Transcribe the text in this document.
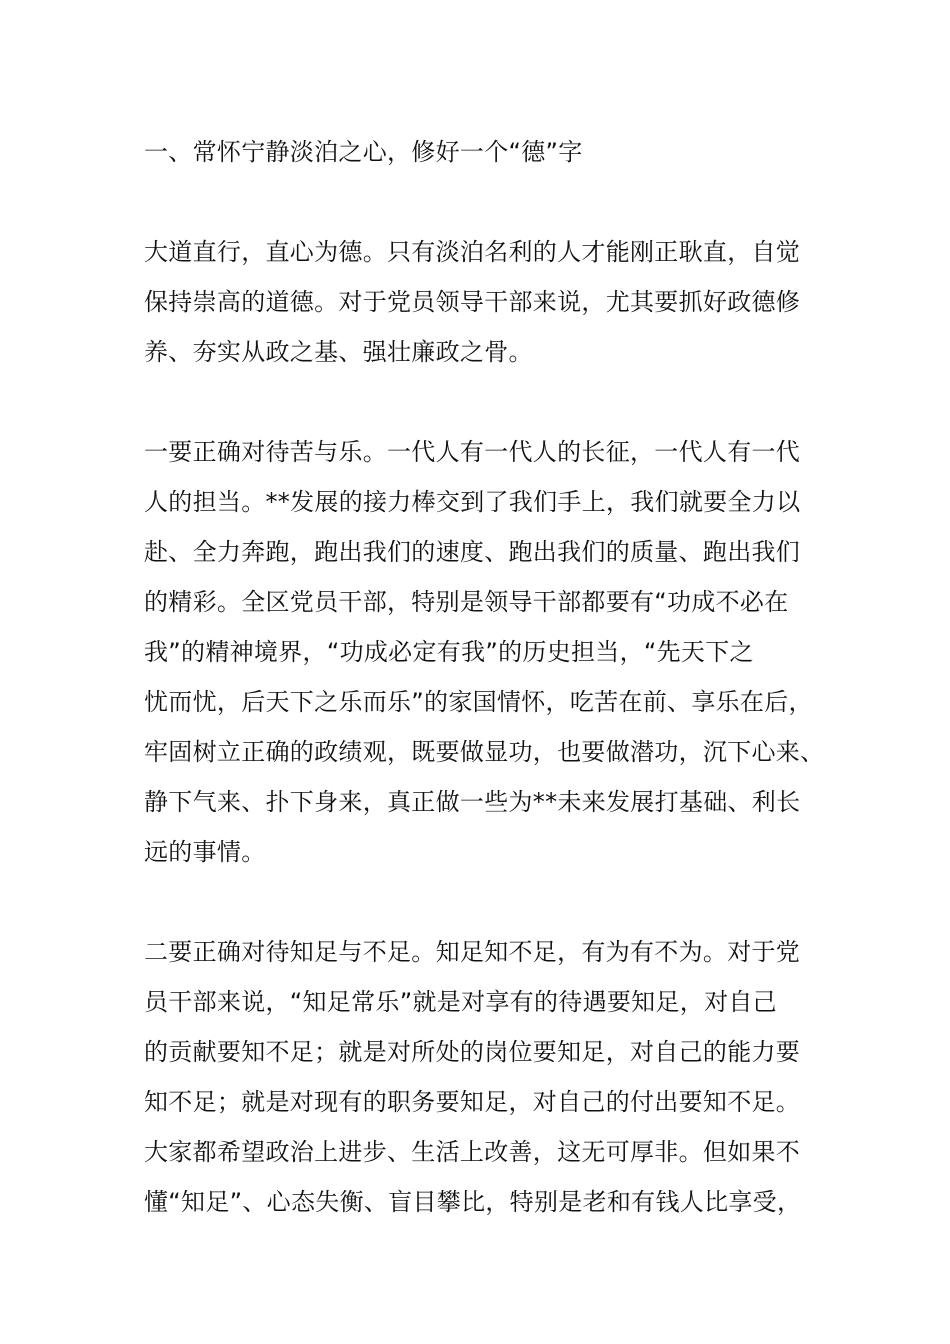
一、常怀宁静淡泊之心，修好一个“德”字
大道直行，直心为德。只有淡泊名利的人才能刚正耿直，自觉
保持崇高的道德。对于党员领导干部来说，尤其要抓好政德修
养、夯实从政之基、强壮廉政之骨。
一要正确对待苦与乐。一代人有一代人的长征，一代人有一代
人的担当。**发展的接力棒交到了我们手上，我们就要全力以
赴、全力奔跑，跑出我们的速度、跑出我们的质量、跑出我们
的精彩。全区党员干部，特别是领导干部都要有“功成不必在
我”的精神境界，“功成必定有我”的历史担当，“先天下之
忧而忧，后天下之乐而乐”的家国情怀，吃苦在前、享乐在后，
牢固树立正确的政绩观，既要做显功，也要做潜功，沉下心来、
静下气来、扑下身来，真正做一些为**未来发展打基础、利长
远的事情。
二要正确对待知足与不足。知足知不足，有为有不为。对于党
员干部来说，“知足常乐”就是对享有的待遇要知足，对自己
的贡献要知不足；就是对所处的岗位要知足，对自己的能力要
知不足；就是对现有的职务要知足，对自己的付出要知不足。
大家都希望政治上进步、生活上改善，这无可厚非。但如果不
懂“知足”、心态失衡、盲目攀比，特别是老和有钱人比享受，
